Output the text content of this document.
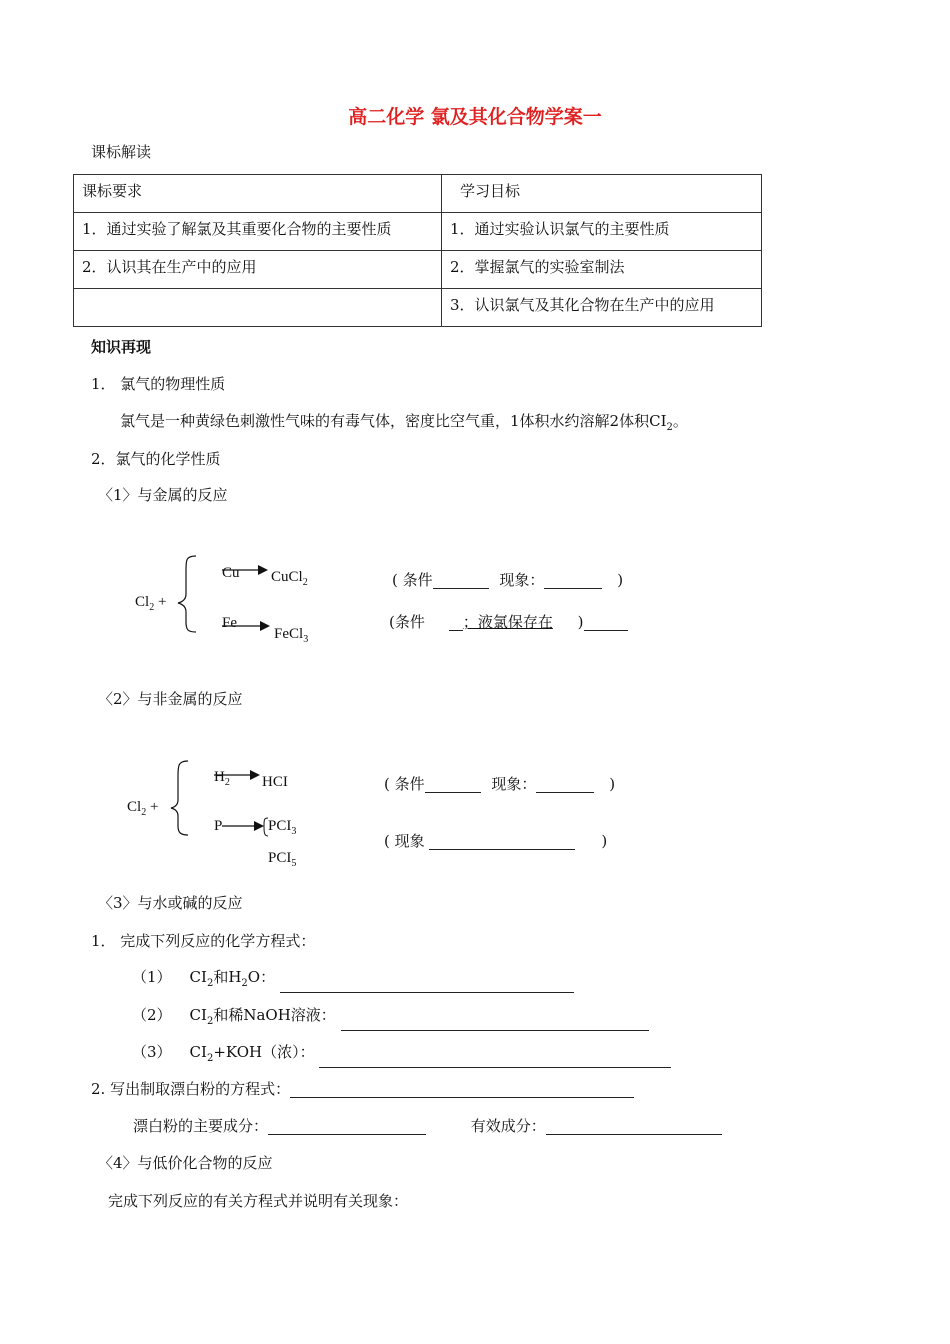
高二化学 氯及其化合物学案一
课标解读
课标要求	学习目标
1．通过实验了解氯及其重要化合物的主要性质	1．通过实验认识氯气的主要性质
2．认识其在生产中的应用	2．掌握氯气的实验室制法
	3．认识氯气及其化合物在生产中的应用
知识再现
1． 氯气的物理性质
氯气是一种黄绿色刺激性气味的有毒气体，密度比空气重，1体积水约溶解2体积$CI_2$。
2．氯气的化学性质
〈1〉与金属的反应
$Cl_2$ +
Cu CuCl$_2$
Fe
FeCl$_3$
( 条件	现象：	)
(条件	；液氯保存在 )
〈2〉与非金属的反应
$Cl_2$ +
$H_2$ HCI
P	$PCI_3$
$PCI_5$
( 条件	现象：	)
( 现象	)
〈3〉与水或碱的反应
1． 完成下列反应的化学方程式：
（1） $CI_2$和$H_2O$：
（2） $CI_2$和稀NaOH溶液：
（3） $CI_2+KOH$（浓）：
2. 写出制取漂白粉的方程式：
漂白粉的主要成分：	有效成分：
〈4〉与低价化合物的反应
完成下列反应的有关方程式并说明有关现象：
